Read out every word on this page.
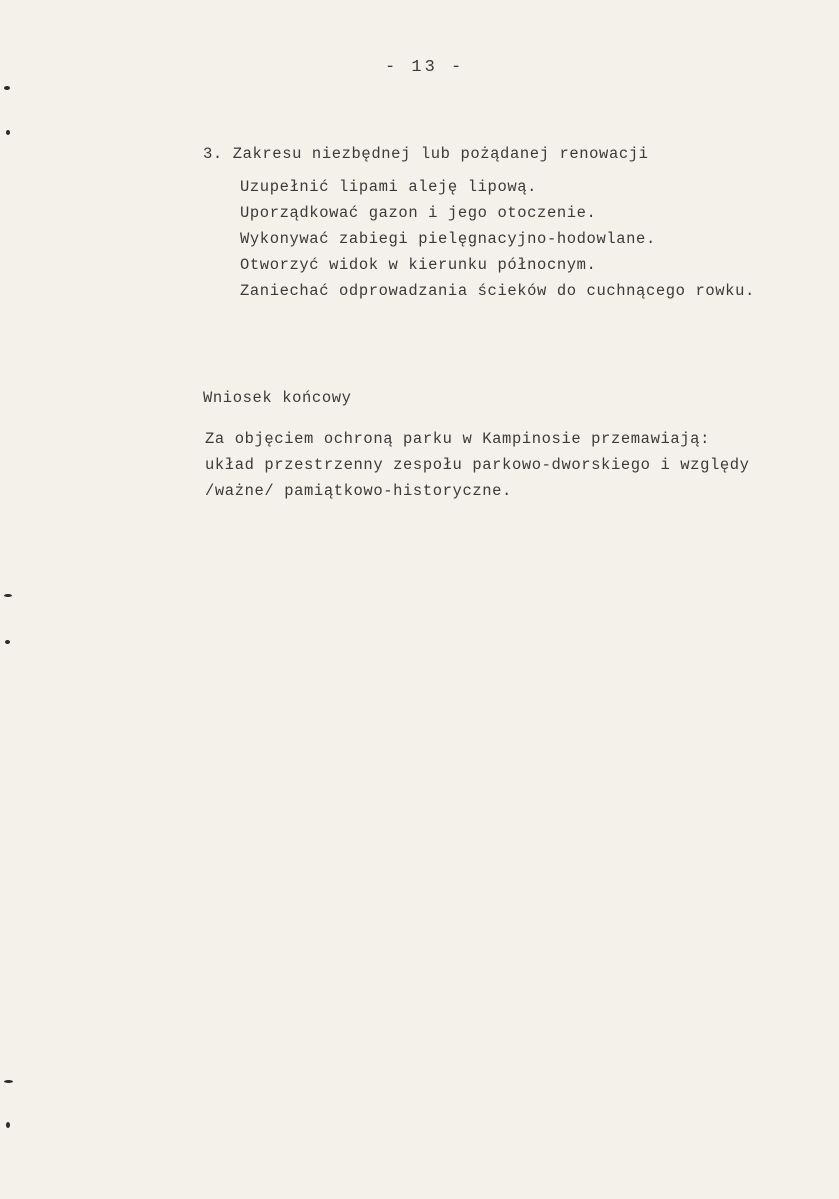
- 13 -
3. Zakresu niezbędnej lub pożądanej renowacji
Uzupełnić lipami aleję lipową.
Uporządkować gazon i jego otoczenie.
Wykonywać zabiegi pielęgnacyjno-hodowlane.
Otworzyć widok w kierunku północnym.
Zaniechać odprowadzania ścieków do cuchnącego rowku.
Wniosek końcowy
Za objęciem ochroną parku w Kampinosie przemawiają:
układ przestrzenny zespołu parkowo-dworskiego i względy
/ważne/ pamiątkowo-historyczne.
